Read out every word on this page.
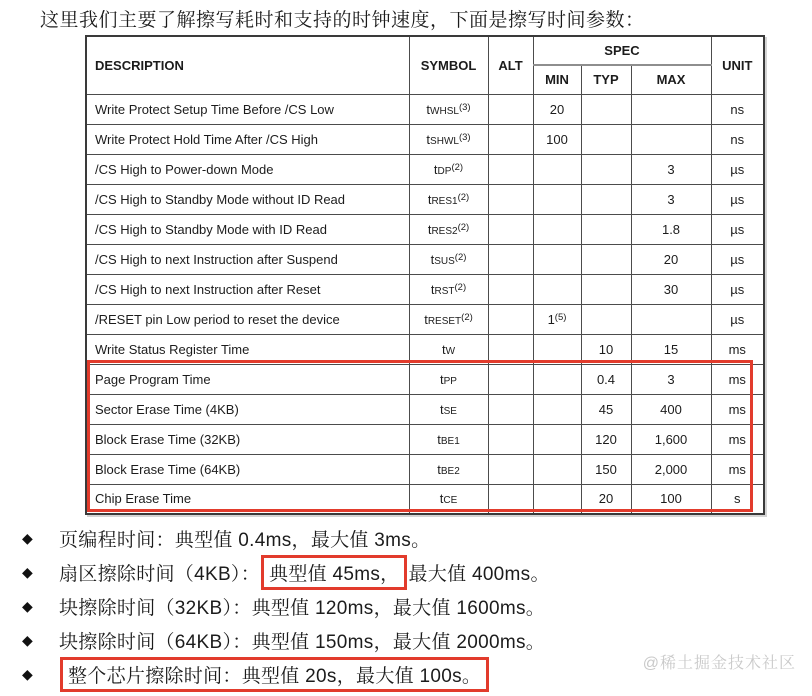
这里我们主要了解擦写耗时和支持的时钟速度，下面是擦写时间参数：
DESCRIPTION	SYMBOL	ALT	SPEC			UNIT
			MIN	TYP	MAX	
Write Protect Setup Time Before /CS Low	tWHSL$^{(3)}$		20			ns
Write Protect Hold Time After /CS High	tSHWL$^{(3)}$		100			ns
/CS High to Power-down Mode	tDP$^{(2)}$				3	µs
/CS High to Standby Mode without ID Read	tRES1$^{(2)}$				3	µs
/CS High to Standby Mode with ID Read	tRES2$^{(2)}$				1.8	µs
/CS High to next Instruction after Suspend	tSUS$^{(2)}$				20	µs
/CS High to next Instruction after Reset	tRST$^{(2)}$				30	µs
/RESET pin Low period to reset the device	tRESET$^{(2)}$		1$^{(5)}$			µs
Write Status Register Time	tW			10	15	ms
Page Program Time	tPP			0.4	3	ms
Sector Erase Time (4KB)	tSE			45	400	ms
Block Erase Time (32KB)	tBE1			120	1,600	ms
Block Erase Time (64KB)	tBE2			150	2,000	ms
Chip Erase Time	tCE			20	100	s
◆ 页编程时间：典型值 0.4ms，最大值 3ms。
◆ 扇区擦除时间（4KB）： 典型值 45ms， 最大值 400ms。
◆ 块擦除时间（32KB）：典型值 120ms，最大值 1600ms。
◆ 块擦除时间（64KB）：典型值 150ms，最大值 2000ms。
◆	整个芯片擦除时间：典型值 20s，最大值 100s。
@稀土掘金技术社区
